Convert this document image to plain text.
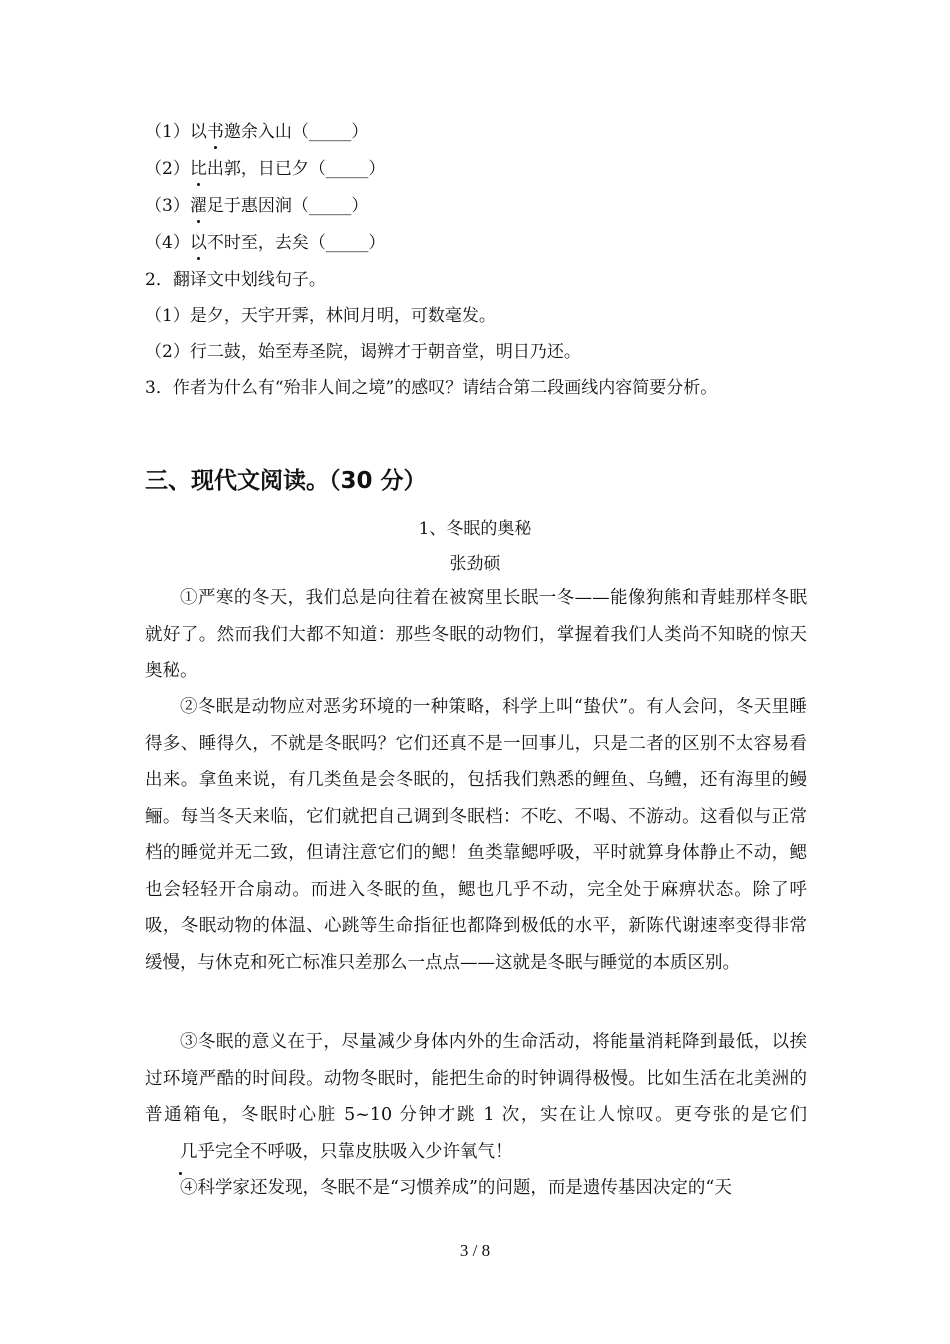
（1）以书邀余入山（_____）
（2）比出郭，日已夕（_____）
（3）濯足于惠因涧（_____）
（4）以不时至，去矣（_____）
2．翻译文中划线句子。
（1）是夕，天宇开霁，林间月明，可数毫发。
（2）行二鼓，始至寿圣院，谒辨才于朝音堂，明日乃还。
3．作者为什么有“殆非人间之境”的感叹？请结合第二段画线内容简要分析。
三、现代文阅读。（30 分）
1、冬眠的奥秘
张劲硕

①严寒的冬天，我们总是向往着在被窝里长眠一冬——能像狗熊和青蛙那样冬眠就好了。然而我们大都不知道：那些冬眠的动物们，掌握着我们人类尚不知晓的惊天奥秘。

②冬眠是动物应对恶劣环境的一种策略，科学上叫“蛰伏”。有人会问，冬天里睡得多、睡得久，不就是冬眠吗？它们还真不是一回事儿，只是二者的区别不太容易看出来。拿鱼来说，有几类鱼是会冬眠的，包括我们熟悉的鲤鱼、乌鳢，还有海里的鳗鲡。每当冬天来临，它们就把自己调到冬眠档：不吃、不喝、不游动。这看似与正常档的睡觉并无二致，但请注意它们的鳃！鱼类靠鳃呼吸，平时就算身体静止不动，鳃也会轻轻开合扇动。而进入冬眠的鱼，鳃也几乎不动，完全处于麻痹状态。除了呼吸，冬眠动物的体温、心跳等生命指征也都降到极低的水平，新陈代谢速率变得非常缓慢，与休克和死亡标准只差那么一点点——这就是冬眠与睡觉的本质区别。

③冬眠的意义在于，尽量减少身体内外的生命活动，将能量消耗降到最低，以挨过环境严酷的时间段。动物冬眠时，能把生命的时钟调得极慢。比如生活在北美洲的普通箱龟，冬眠时心脏 5~10 分钟才跳 1 次，实在让人惊叹。更夸张的是它们几乎完全不呼吸，只靠皮肤吸入少许氧气！

④科学家还发现，冬眠不是“习惯养成”的问题，而是遗传基因决定的“天

3 / 8
